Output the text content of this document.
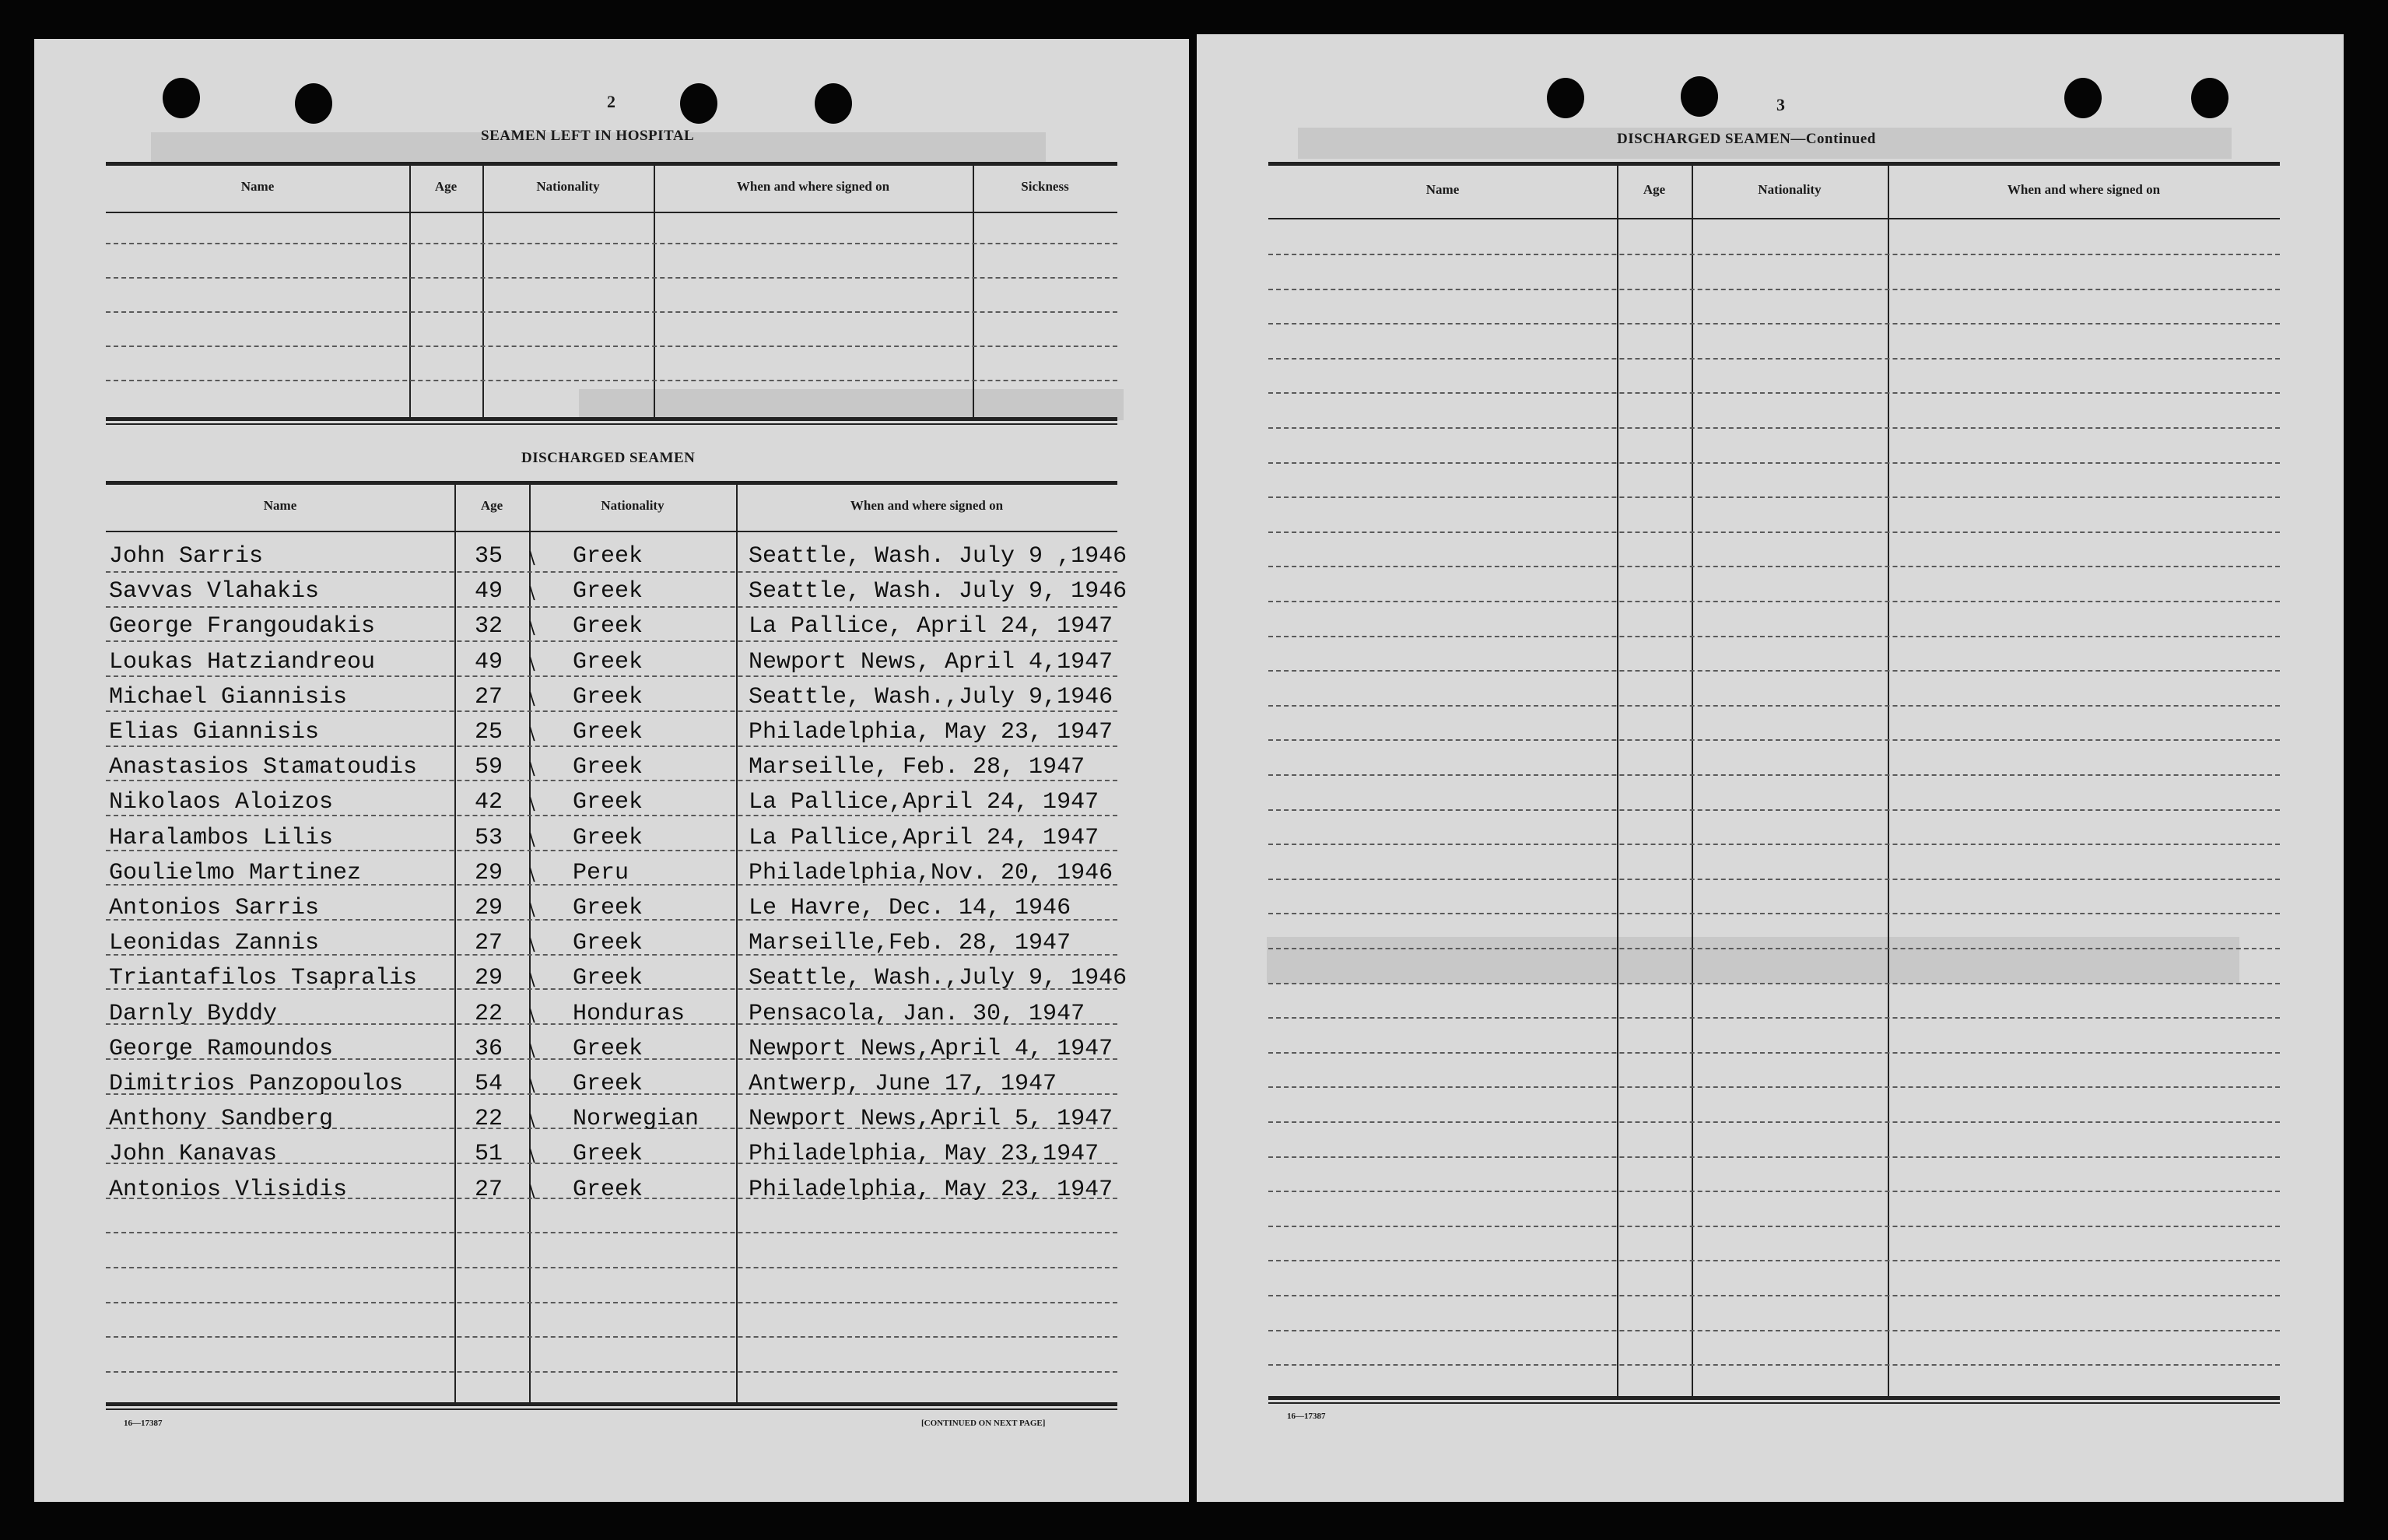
2
SEAMEN LEFT IN HOSPITAL
Name	Age	Nationality	When and where signed on	Sickness
DISCHARGED SEAMEN
Name	Age	Nationality	When and where signed on
John Sarris	35	Greek	Seattle, Wash. July 9 ,1946
∖
Savvas Vlahakis	49	Greek	Seattle, Wash. July 9, 1946
∖
George Frangoudakis	32	Greek	La Pallice, April 24, 1947
∖
Loukas Hatziandreou	49	Greek	Newport News, April 4,1947
∖
Michael Giannisis	27	Greek	Seattle, Wash.,July 9,1946
∖
Elias Giannisis	25	Greek	Philadelphia, May 23, 1947
∖
Anastasios Stamatoudis 59	Greek	Marseille, Feb. 28, 1947
∖
Nikolaos Aloizos	42	Greek	La Pallice,April 24, 1947
∖
Haralambos Lilis	53	Greek	La Pallice,April 24, 1947
∖
Goulielmo Martinez	29	Peru	Philadelphia,Nov. 20, 1946
∖
Antonios Sarris	29	Greek	Le Havre, Dec. 14, 1946
∖
Leonidas Zannis	27	Greek	Marseille,Feb. 28, 1947
∖
Triantafilos Tsapralis 29	Greek	Seattle, Wash.,July 9, 1946
∖
Darnly Byddy	22	Honduras	Pensacola, Jan. 30, 1947
∖
George Ramoundos	36	Greek	Newport News,April 4, 1947
∖
Dimitrios Panzopoulos	54	Greek	Antwerp, June 17, 1947
∖
Anthony Sandberg	22	Norwegian Newport News,April 5, 1947
∖
John Kanavas	51	Greek	Philadelphia, May 23,1947
∖
Antonios Vlisidis	27	Greek	Philadelphia, May 23, 1947
∖
16—17387	[CONTINUED ON NEXT PAGE]
3
DISCHARGED SEAMEN—Continued
Name	Age	Nationality	When and where signed on
16—17387
